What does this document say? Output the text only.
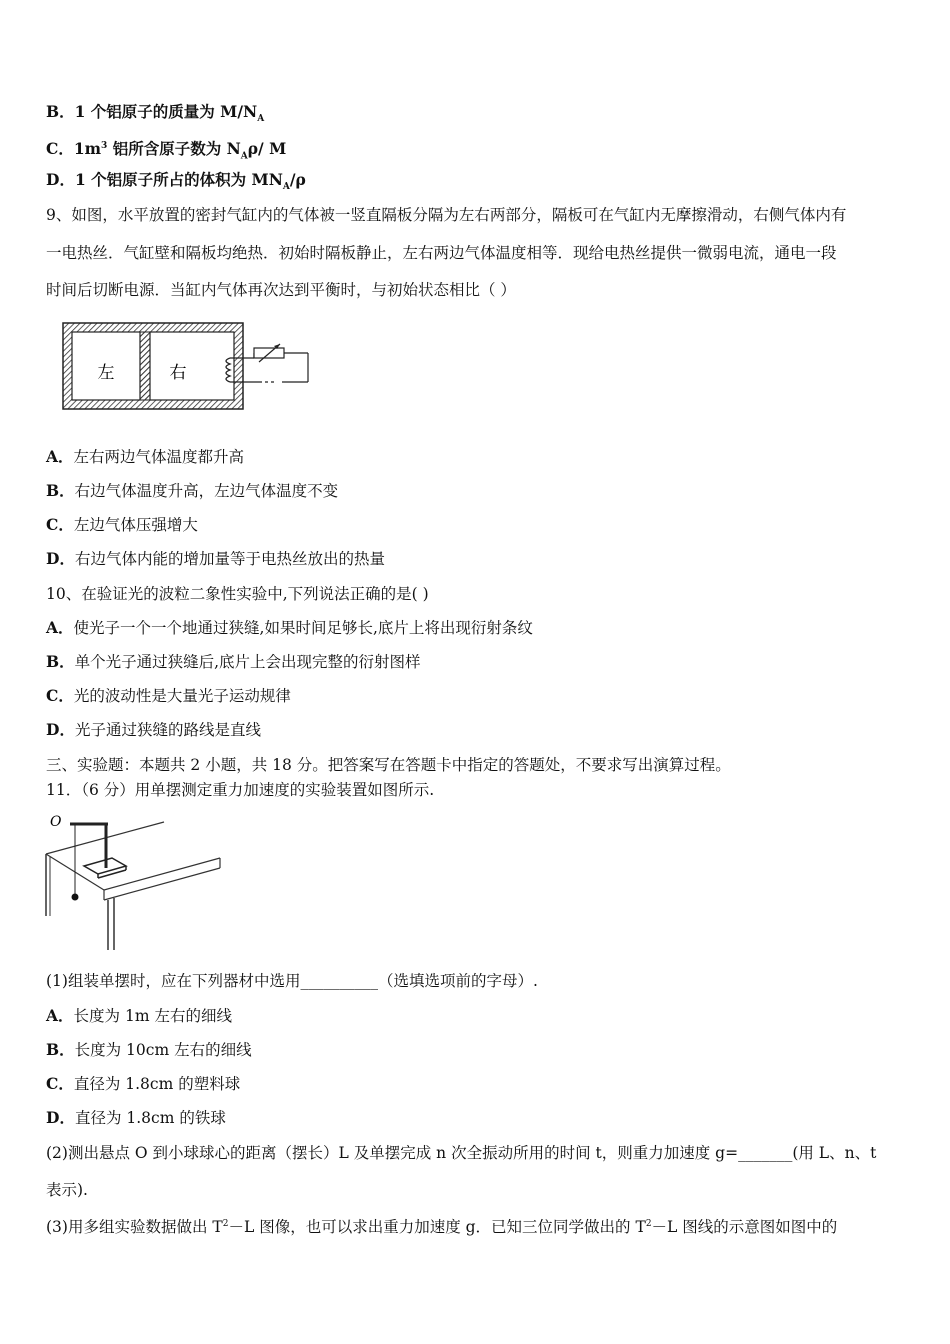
B．1 个铝原子的质量为 $M/N_A$
C．$1m^3$ 铝所含原子数为 $N_A\rho/$ M
D．1 个铝原子所占的体积为 $MN_A/\rho$
9、如图，水平放置的密封气缸内的气体被一竖直隔板分隔为左右两部分，隔板可在气缸内无摩擦滑动，右侧气体内有
一电热丝．气缸壁和隔板均绝热．初始时隔板静止，左右两边气体温度相等．现给电热丝提供一微弱电流，通电一段
时间后切断电源．当缸内气体再次达到平衡时，与初始状态相比（ ）
左	右
A．左右两边气体温度都升高
B．右边气体温度升高，左边气体温度不变
C．左边气体压强增大
D．右边气体内能的增加量等于电热丝放出的热量
10、在验证光的波粒二象性实验中,下列说法正确的是( )
A．使光子一个一个地通过狭缝,如果时间足够长,底片上将出现衍射条纹
B．单个光子通过狭缝后,底片上会出现完整的衍射图样
C．光的波动性是大量光子运动规律
D．光子通过狭缝的路线是直线
三、实验题：本题共 2 小题，共 18 分。把答案写在答题卡中指定的答题处，不要求写出演算过程。
11．（6 分）用单摆测定重力加速度的实验装置如图所示.
O
(1)组装单摆时，应在下列器材中选用__________（选填选项前的字母）.
A．长度为 1m 左右的细线
B．长度为 10cm 左右的细线
C．直径为 1.8cm 的塑料球
D．直径为 1.8cm 的铁球
(2)测出悬点 O 到小球球心的距离（摆长）L 及单摆完成 n 次全振动所用的时间 t，则重力加速度 g=_______(用 L、n、t
表示).
(3)用多组实验数据做出 $T^2-L$ 图像，也可以求出重力加速度 g．已知三位同学做出的 $T^2-L$ 图线的示意图如图中的
